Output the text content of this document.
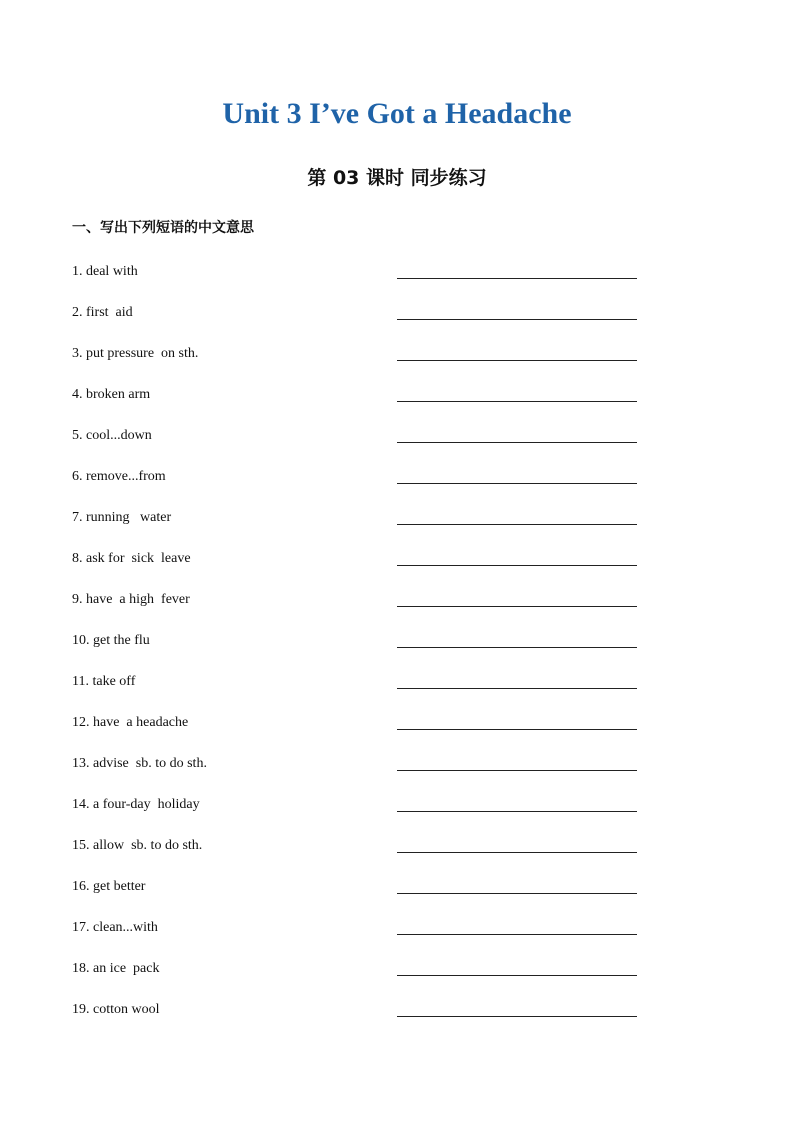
Unit 3 I’ve Got a Headache
第 03 课时 同步练习
一、写出下列短语的中文意思
1. deal with
2. first  aid
3. put pressure  on sth.
4. broken arm
5. cool...down
6. remove...from
7. running   water
8. ask for  sick  leave
9. have  a high  fever
10. get the flu
11. take off
12. have  a headache
13. advise  sb. to do sth.
14. a four-day  holiday
15. allow  sb. to do sth.
16. get better
17. clean...with
18. an ice  pack
19. cotton wool
